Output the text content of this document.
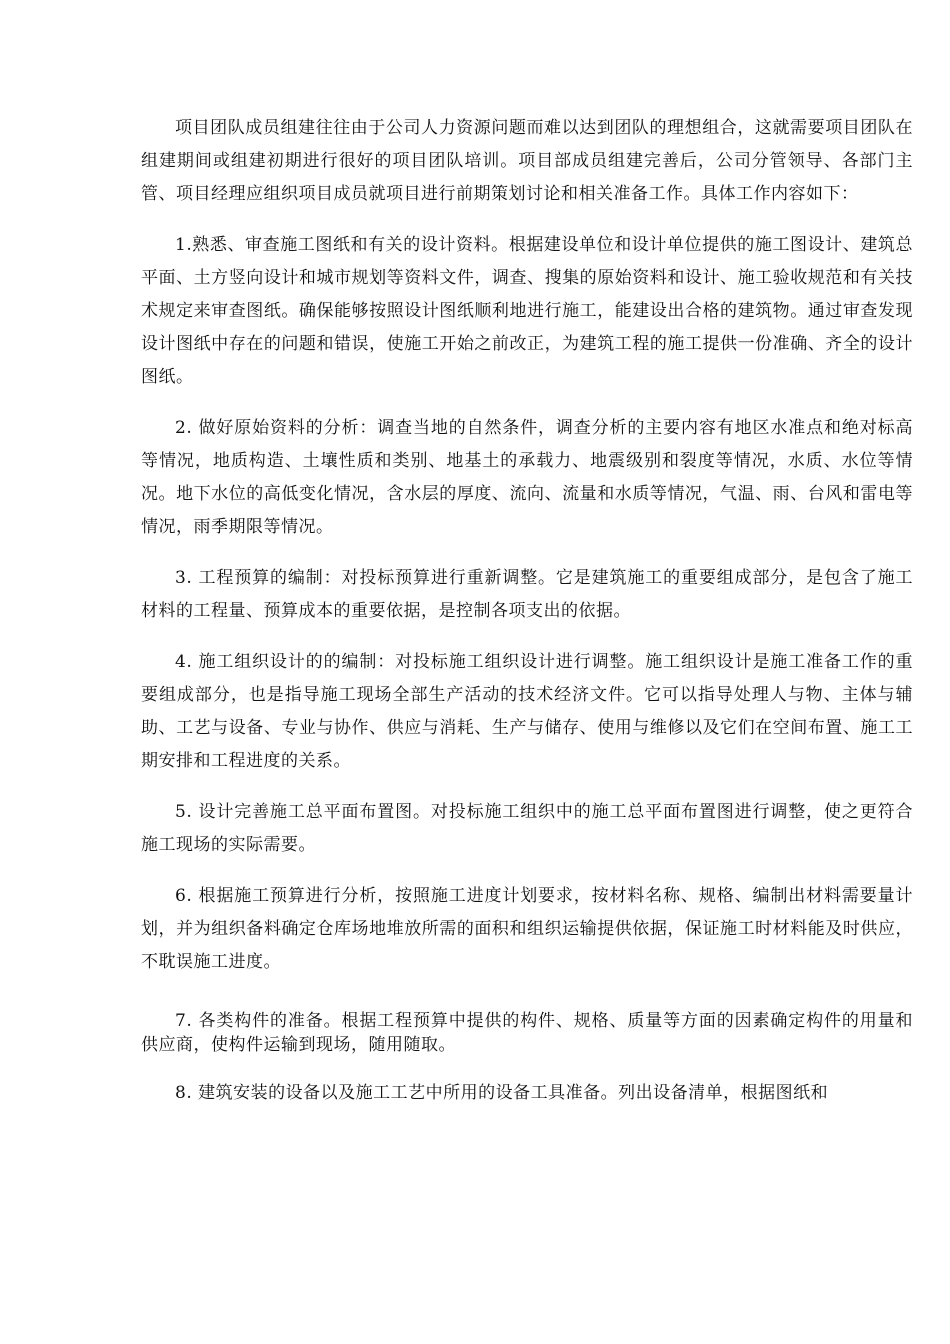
项目团队成员组建往往由于公司人力资源问题而难以达到团队的理想组合，这就需要项目团队在组建期间或组建初期进行很好的项目团队培训。项目部成员组建完善后，公司分管领导、各部门主管、项目经理应组织项目成员就项目进行前期策划讨论和相关准备工作。具体工作内容如下：

1.熟悉、审查施工图纸和有关的设计资料。根据建设单位和设计单位提供的施工图设计、建筑总平面、土方竖向设计和城市规划等资料文件，调查、搜集的原始资料和设计、施工验收规范和有关技术规定来审查图纸。确保能够按照设计图纸顺利地进行施工，能建设出合格的建筑物。通过审查发现设计图纸中存在的问题和错误，使施工开始之前改正，为建筑工程的施工提供一份准确、齐全的设计图纸。

2. 做好原始资料的分析：调查当地的自然条件，调查分析的主要内容有地区水准点和绝对标高等情况，地质构造、土壤性质和类别、地基土的承载力、地震级别和裂度等情况，水质、水位等情况。地下水位的高低变化情况，含水层的厚度、流向、流量和水质等情况，气温、雨、台风和雷电等情况，雨季期限等情况。

3. 工程预算的编制：对投标预算进行重新调整。它是建筑施工的重要组成部分，是包含了施工材料的工程量、预算成本的重要依据，是控制各项支出的依据。

4. 施工组织设计的的编制：对投标施工组织设计进行调整。施工组织设计是施工准备工作的重要组成部分，也是指导施工现场全部生产活动的技术经济文件。它可以指导处理人与物、主体与辅助、工艺与设备、专业与协作、供应与消耗、生产与储存、使用与维修以及它们在空间布置、施工工期安排和工程进度的关系。

5. 设计完善施工总平面布置图。对投标施工组织中的施工总平面布置图进行调整，使之更符合施工现场的实际需要。

6. 根据施工预算进行分析，按照施工进度计划要求，按材料名称、规格、编制出材料需要量计划，并为组织备料确定仓库场地堆放所需的面积和组织运输提供依据，保证施工时材料能及时供应，不耽误施工进度。

7. 各类构件的准备。根据工程预算中提供的构件、规格、质量等方面的因素确定构件的用量和供应商，使构件运输到现场，随用随取。

8. 建筑安装的设备以及施工工艺中所用的设备工具准备。列出设备清单，根据图纸和
